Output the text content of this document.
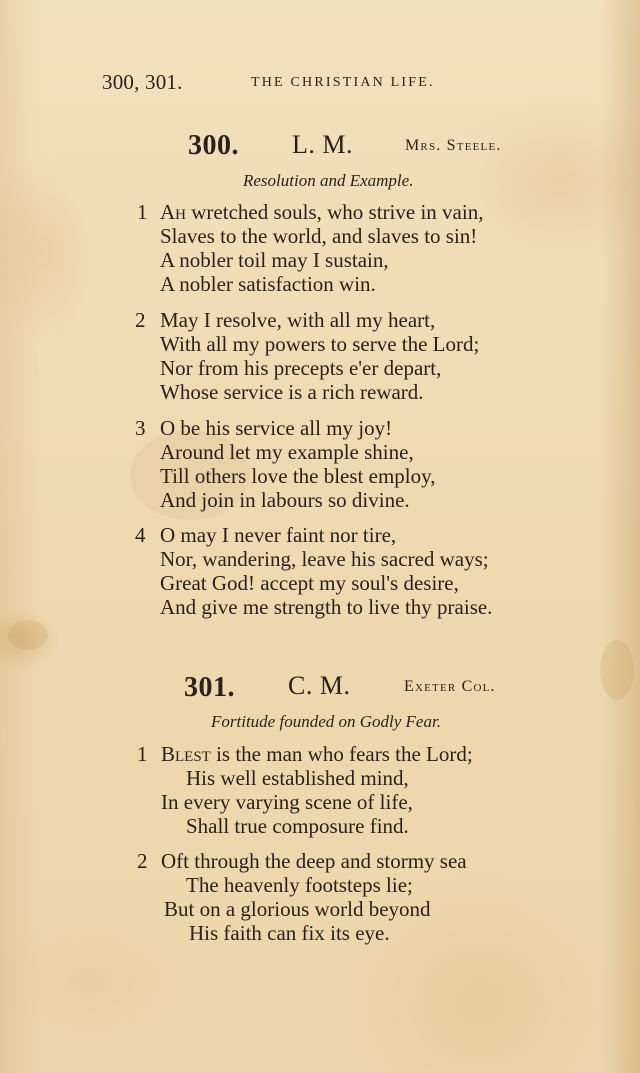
300, 301.	THE CHRISTIAN LIFE.
300. L. M.	Mrs. Steele.
Resolution and Example.
1 Ah wretched souls, who strive in vain,
Slaves to the world, and slaves to sin!
A nobler toil may I sustain,
A nobler satisfaction win.
2 May I resolve, with all my heart,
With all my powers to serve the Lord;
Nor from his precepts e'er depart,
Whose service is a rich reward.
3 O be his service all my joy!
Around let my example shine,
Till others love the blest employ,
And join in labours so divine.
4 O may I never faint nor tire,
Nor, wandering, leave his sacred ways;
Great God! accept my soul's desire,
And give me strength to live thy praise.
301. C. M.	Exeter Col.
Fortitude founded on Godly Fear.
1 Blest is the man who fears the Lord;
His well established mind,
In every varying scene of life,
Shall true composure find.
2 Oft through the deep and stormy sea
The heavenly footsteps lie;
But on a glorious world beyond
His faith can fix its eye.
